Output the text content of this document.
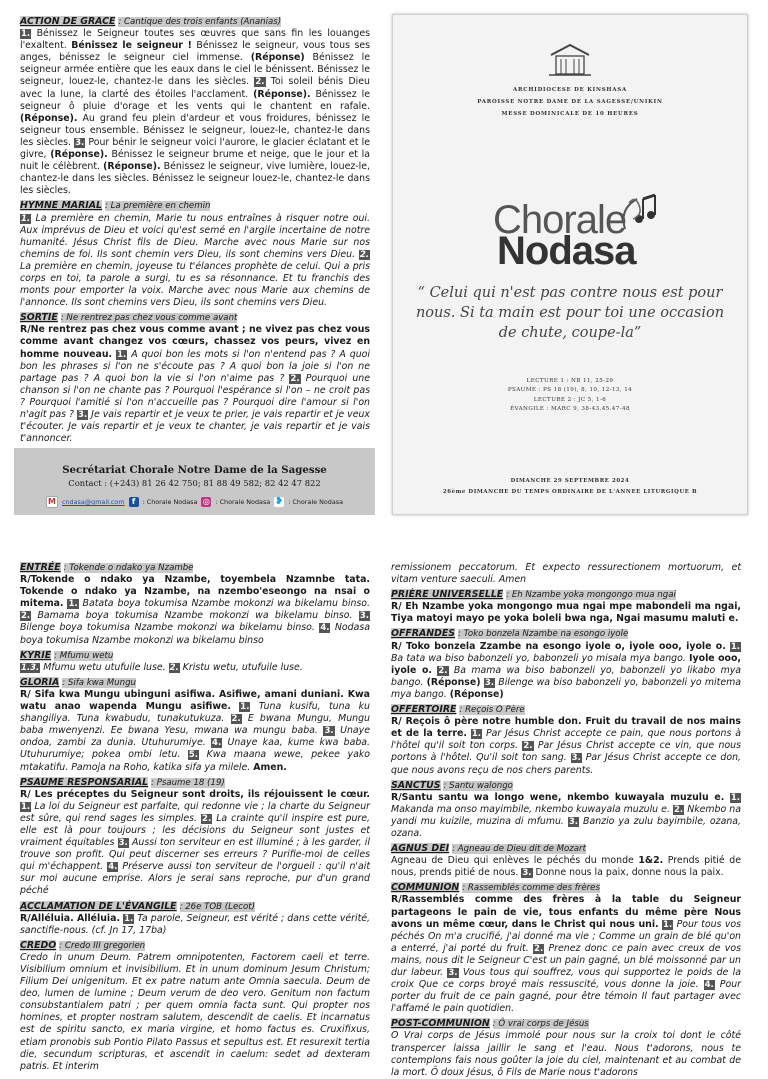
ACTION DE GRACE : Cantique des trois enfants (Ananias)

1. Bénissez le Seigneur toutes ses œuvres que sans fin les louanges l'exaltent. Bénissez le seigneur ! Bénissez le seigneur, vous tous ses anges, bénissez le seigneur ciel immense. (Réponse) Bénissez le seigneur armée entière que les eaux dans le ciel le bénissent. Bénissez le seigneur, louez-le, chantez-le dans les siècles. 2. Toi soleil bénis Dieu avec la lune, la clarté des étoiles l'acclament. (Réponse). Bénissez le seigneur ô pluie d'orage et les vents qui le chantent en rafale. (Réponse). Au grand feu plein d'ardeur et vous froidures, bénissez le seigneur tous ensemble. Bénissez le seigneur, louez-le, chantez-le dans les siècles. 3. Pour bénir le seigneur voici l'aurore, le glacier éclatant et le givre, (Réponse). Bénissez le seigneur brume et neige, que le jour et la nuit le célèbrent. (Réponse). Bénissez le seigneur, vive lumière, louez-le, chantez-le dans les siècles. Bénissez le seigneur louez-le, chantez-le dans les siècles.

HYMNE MARIAL : La première en chemin

1. La première en chemin, Marie tu nous entraînes à risquer notre oui. Aux imprévus de Dieu et voici qu'est semé en l'argile incertaine de notre humanité. Jésus Christ fils de Dieu. Marche avec nous Marie sur nos chemins de foi. Ils sont chemin vers Dieu, ils sont chemins vers Dieu. 2. La première en chemin, joyeuse tu t'élances prophète de celui. Qui a pris corps en toi, ta parole a surgi, tu es sa résonnance. Et tu franchis des monts pour emporter la voix. Marche avec nous Marie aux chemins de l'annonce. Ils sont chemins vers Dieu, ils sont chemins vers Dieu.

SORTIE : Ne rentrez pas chez vous comme avant

R/Ne rentrez pas chez vous comme avant ; ne vivez pas chez vous comme avant changez vos cœurs, chassez vos peurs, vivez en homme nouveau. 1. A quoi bon les mots si l'on n'entend pas ? A quoi bon les phrases si l'on ne s'écoute pas ? A quoi bon la joie si l'on ne partage pas ? A quoi bon la vie si l'on n'aime pas ? 2. Pourquoi une chanson si l'on ne chante pas ? Pourquoi l'espérance si l'on – ne croit pas ? Pourquoi l'amitié si l'on n'accueille pas ? Pourquoi dire l'amour si l'on n'agit pas ? 3. Je vais repartir et je veux te prier, je vais repartir et je veux t'écouter. Je vais repartir et je veux te chanter, je vais repartir et je vais t'annoncer.

Secrétariat Chorale Notre Dame de la Sagesse
Contact : (+243) 81 26 42 750; 81 88 49 582; 82 42 47 822
M cndasa@gmail.com f	: Chorale Nodasa ◎ : Chorale Nodasa ❥ : Chorale Nodasa
ARCHIDIOCESE DE KINSHASA
PAROISSE NOTRE DAME DE LA SAGESSE/UNIKIN
MESSE DOMINICALE DE 10 HEURES
Chorale
Nodasa
“ Celui qui n'est pas contre nous est pour nous. Si ta main est pour toi une occasion de chute, coupe-la”
LECTURE 1 : NB 11, 25-29
PSAUME : PS 18 (19), 8, 10, 12-13, 14
LECTURE 2 : JC 5, 1-6
ÉVANGILE : MARC 9, 38-43.45.47-48
DIMANCHE 29 SEPTEMBRE 2024
26ème DIMANCHE DU TEMPS ORDINAIRE DE L'ANNEE LITURGIQUE B
ENTRÉE : Tokende o ndako ya Nzambe

R/Tokende o ndako ya Nzambe, toyembela Nzamnbe tata. Tokende o ndako ya Nzambe, na nzembo'eseongo na nsai o mitema. 1. Batata boya tokumisa Nzambe mokonzi wa bikelamu binso. 2. Bamama boya tokumisa Nzambe mokonzi wa bikelamu binso. 3. Bilenge boya tokumisa Nzambe mokonzi wa bikelamu binso. 4. Nodasa boya tokumisa Nzambe mokonzi wa bikelamu binso

KYRIE : Mfumu wetu

1.3. Mfumu wetu utufuile luse. 2. Kristu wetu, utufuile luse.

GLORIA : Sifa kwa Mungu

R/ Sifa kwa Mungu ubinguni asifiwa. Asifiwe, amani duniani. Kwa watu anao wapenda Mungu asifiwe. 1. Tuna kusifu, tuna ku shangiliya. Tuna kwabudu, tunakutukuza. 2. E bwana Mungu, Mungu baba mwenyenzi. Ee bwana Yesu, mwana wa mungu baba. 3. Unaye ondoa, zambi za dunia. Utuhurumiye. 4. Unaye kaa, kume kwa baba. Utuhurumiye; pokea ombi letu. 5. Kwa maana wewe, pekee yako mtakatifu. Pamoja na Roho, katika sifa ya milele. Amen.

PSAUME RESPONSARIAL : Psaume 18 (19)

R/ Les préceptes du Seigneur sont droits, ils réjouissent le cœur. 1. La loi du Seigneur est parfaite, qui redonne vie ; la charte du Seigneur est sûre, qui rend sages les simples. 2. La crainte qu'il inspire est pure, elle est là pour toujours ; les décisions du Seigneur sont justes et vraiment équitables 3. Aussi ton serviteur en est illuminé ; à les garder, il trouve son profit. Qui peut discerner ses erreurs ? Purifie-moi de celles qui m'échappent. 4. Préserve aussi ton serviteur de l'orgueil : qu'il n'ait sur moi aucune emprise. Alors je serai sans reproche, pur d'un grand péché

ACCLAMATION DE L'ÉVANGILE : 26e TOB (Lecot)

R/Alléluia. Alléluia. 1. Ta parole, Seigneur, est vérité ; dans cette vérité, sanctifie-nous. (cf. Jn 17, 17ba)

CREDO : Credo III gregorien

Credo in unum Deum. Patrem omnipotenten, Factorem caeli et terre. Visibilium omnium et invisibilium. Et in unum dominum Jesum Christum; Filium Dei unigenitum. Et ex patre natum ante Omnia saecula. Deum de deo, lumen de lumine ; Deum verum de deo vero. Genitum non factum consubstantialem patri ; per quem omnia facta sunt. Qui propter nos homines, et propter nostram salutem, descendit de caelis. Et incarnatus est de spiritu sancto, ex maria virgine, et homo factus es. Cruxifixus, etiam pronobis sub Pontio Pilato Passus et sepultus est. Et resurexit tertia die, secundum scripturas, et ascendit in caelum: sedet ad dexteram patris. Et interim

remissionem peccatorum. Et expecto ressurectionem mortuorum, et vitam venture saeculi. Amen

PRIÈRE UNIVERSELLE : Eh Nzambe yoka mongongo mua ngai

R/ Eh Nzambe yoka mongongo mua ngai mpe mabondeli ma ngai, Tiya matoyi mayo pe yoka boleli bwa nga, Ngai masumu maluti e.

OFFRANDES : Toko bonzela Nzambe na esongo iyole

R/ Toko bonzela Zzambe na esongo iyole o, iyole ooo, iyole o. 1. Ba tata wa biso babonzeli yo, babonzeli yo misala mya bango. Iyole ooo, iyole o. 2. Ba mama wa biso babonzeli yo, babonzeli yo likabo mya bango. (Réponse) 3. Bilenge wa biso babonzeli yo, babonzeli yo mitema mya bango. (Réponse)

OFFERTOIRE : Reçois O Père

R/ Reçois ô père notre humble don. Fruit du travail de nos mains et de la terre. 1. Par Jésus Christ accepte ce pain, que nous portons à l'hôtel qu'il soit ton corps. 2. Par Jésus Christ accepte ce vin, que nous portons à l'hôtel. Qu'il soit ton sang. 3. Par Jésus Christ accepte ce don, que nous avons reçu de nos chers parents.

SANCTUS : Santu walongo

R/Santu santu wa longo wene, nkembo kuwayala muzulu e. 1. Makanda ma onso mayimbile, nkembo kuwayala muzulu e. 2. Nkembo na yandi mu kuizile, muzina di mfumu. 3. Banzio ya zulu bayimbile, ozana, ozana.

AGNUS DEI : Agneau de Dieu dit de Mozart

Agneau de Dieu qui enlèves le péchés du monde 1&2. Prends pitié de nous, prends pitié de nous. 3. Donne nous la paix, donne nous la paix.

COMMUNION : Rassemblés comme des frères

R/Rassemblés comme des frères à la table du Seigneur partageons le pain de vie, tous enfants du même père Nous avons un même cœur, dans le Christ qui nous uni. 1. Pour tous vos péchés On m'a crucifié, j'ai donné ma vie ; Comme un grain de blé qu'on a enterré, j'ai porté du fruit. 2. Prenez donc ce pain avec creux de vos mains, nous dit le Seigneur C'est un pain gagné, un blé moissonné par un dur labeur. 3. Vous tous qui souffrez, vous qui supportez le poids de la croix Que ce corps broyé mais ressuscité, vous donne la joie. 4. Pour porter du fruit de ce pain gagné, pour être témoin Il faut partager avec l'affamé le pain quotidien.

POST-COMMUNION : Ô vrai corps de Jésus

O Vrai corps de Jésus immolé pour nous sur la croix toi dont le côté transpercer laissa jaillir le sang et l'eau. Nous t'adorons, nous te contemplons fais nous goûter la joie du ciel, maintenant et au combat de la mort. Ô doux Jésus, ô Fils de Marie nous t'adorons
